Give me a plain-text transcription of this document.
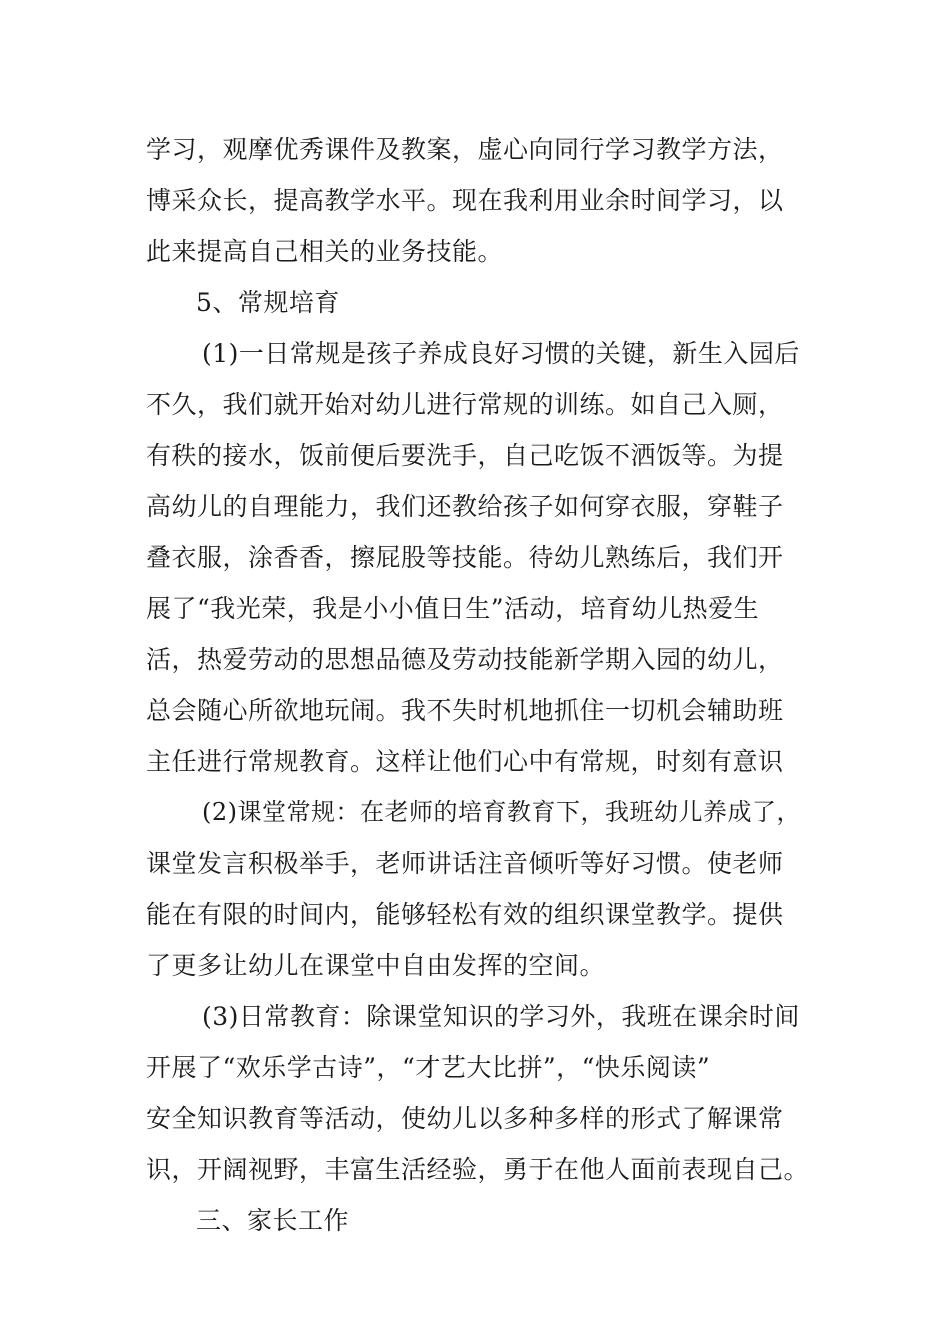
学习，观摩优秀课件及教案，虚心向同行学习教学方法，
博采众长，提高教学水平。现在我利用业余时间学习，以
此来提高自己相关的业务技能。
5、常规培育
(1)一日常规是孩子养成良好习惯的关键，新生入园后
不久，我们就开始对幼儿进行常规的训练。如自己入厕，
有秩的接水，饭前便后要洗手，自己吃饭不洒饭等。为提
高幼儿的自理能力，我们还教给孩子如何穿衣服，穿鞋子
叠衣服，涂香香，擦屁股等技能。待幼儿熟练后，我们开
展了“我光荣，我是小小值日生”活动，培育幼儿热爱生
活，热爱劳动的思想品德及劳动技能新学期入园的幼儿，
总会随心所欲地玩闹。我不失时机地抓住一切机会辅助班
主任进行常规教育。这样让他们心中有常规，时刻有意识
(2)课堂常规：在老师的培育教育下，我班幼儿养成了，
课堂发言积极举手，老师讲话注音倾听等好习惯。使老师
能在有限的时间内，能够轻松有效的组织课堂教学。提供
了更多让幼儿在课堂中自由发挥的空间。
(3)日常教育：除课堂知识的学习外，我班在课余时间
开展了“欢乐学古诗”，“才艺大比拼”，“快乐阅读”
安全知识教育等活动，使幼儿以多种多样的形式了解课常
识，开阔视野，丰富生活经验，勇于在他人面前表现自己。
三、家长工作
